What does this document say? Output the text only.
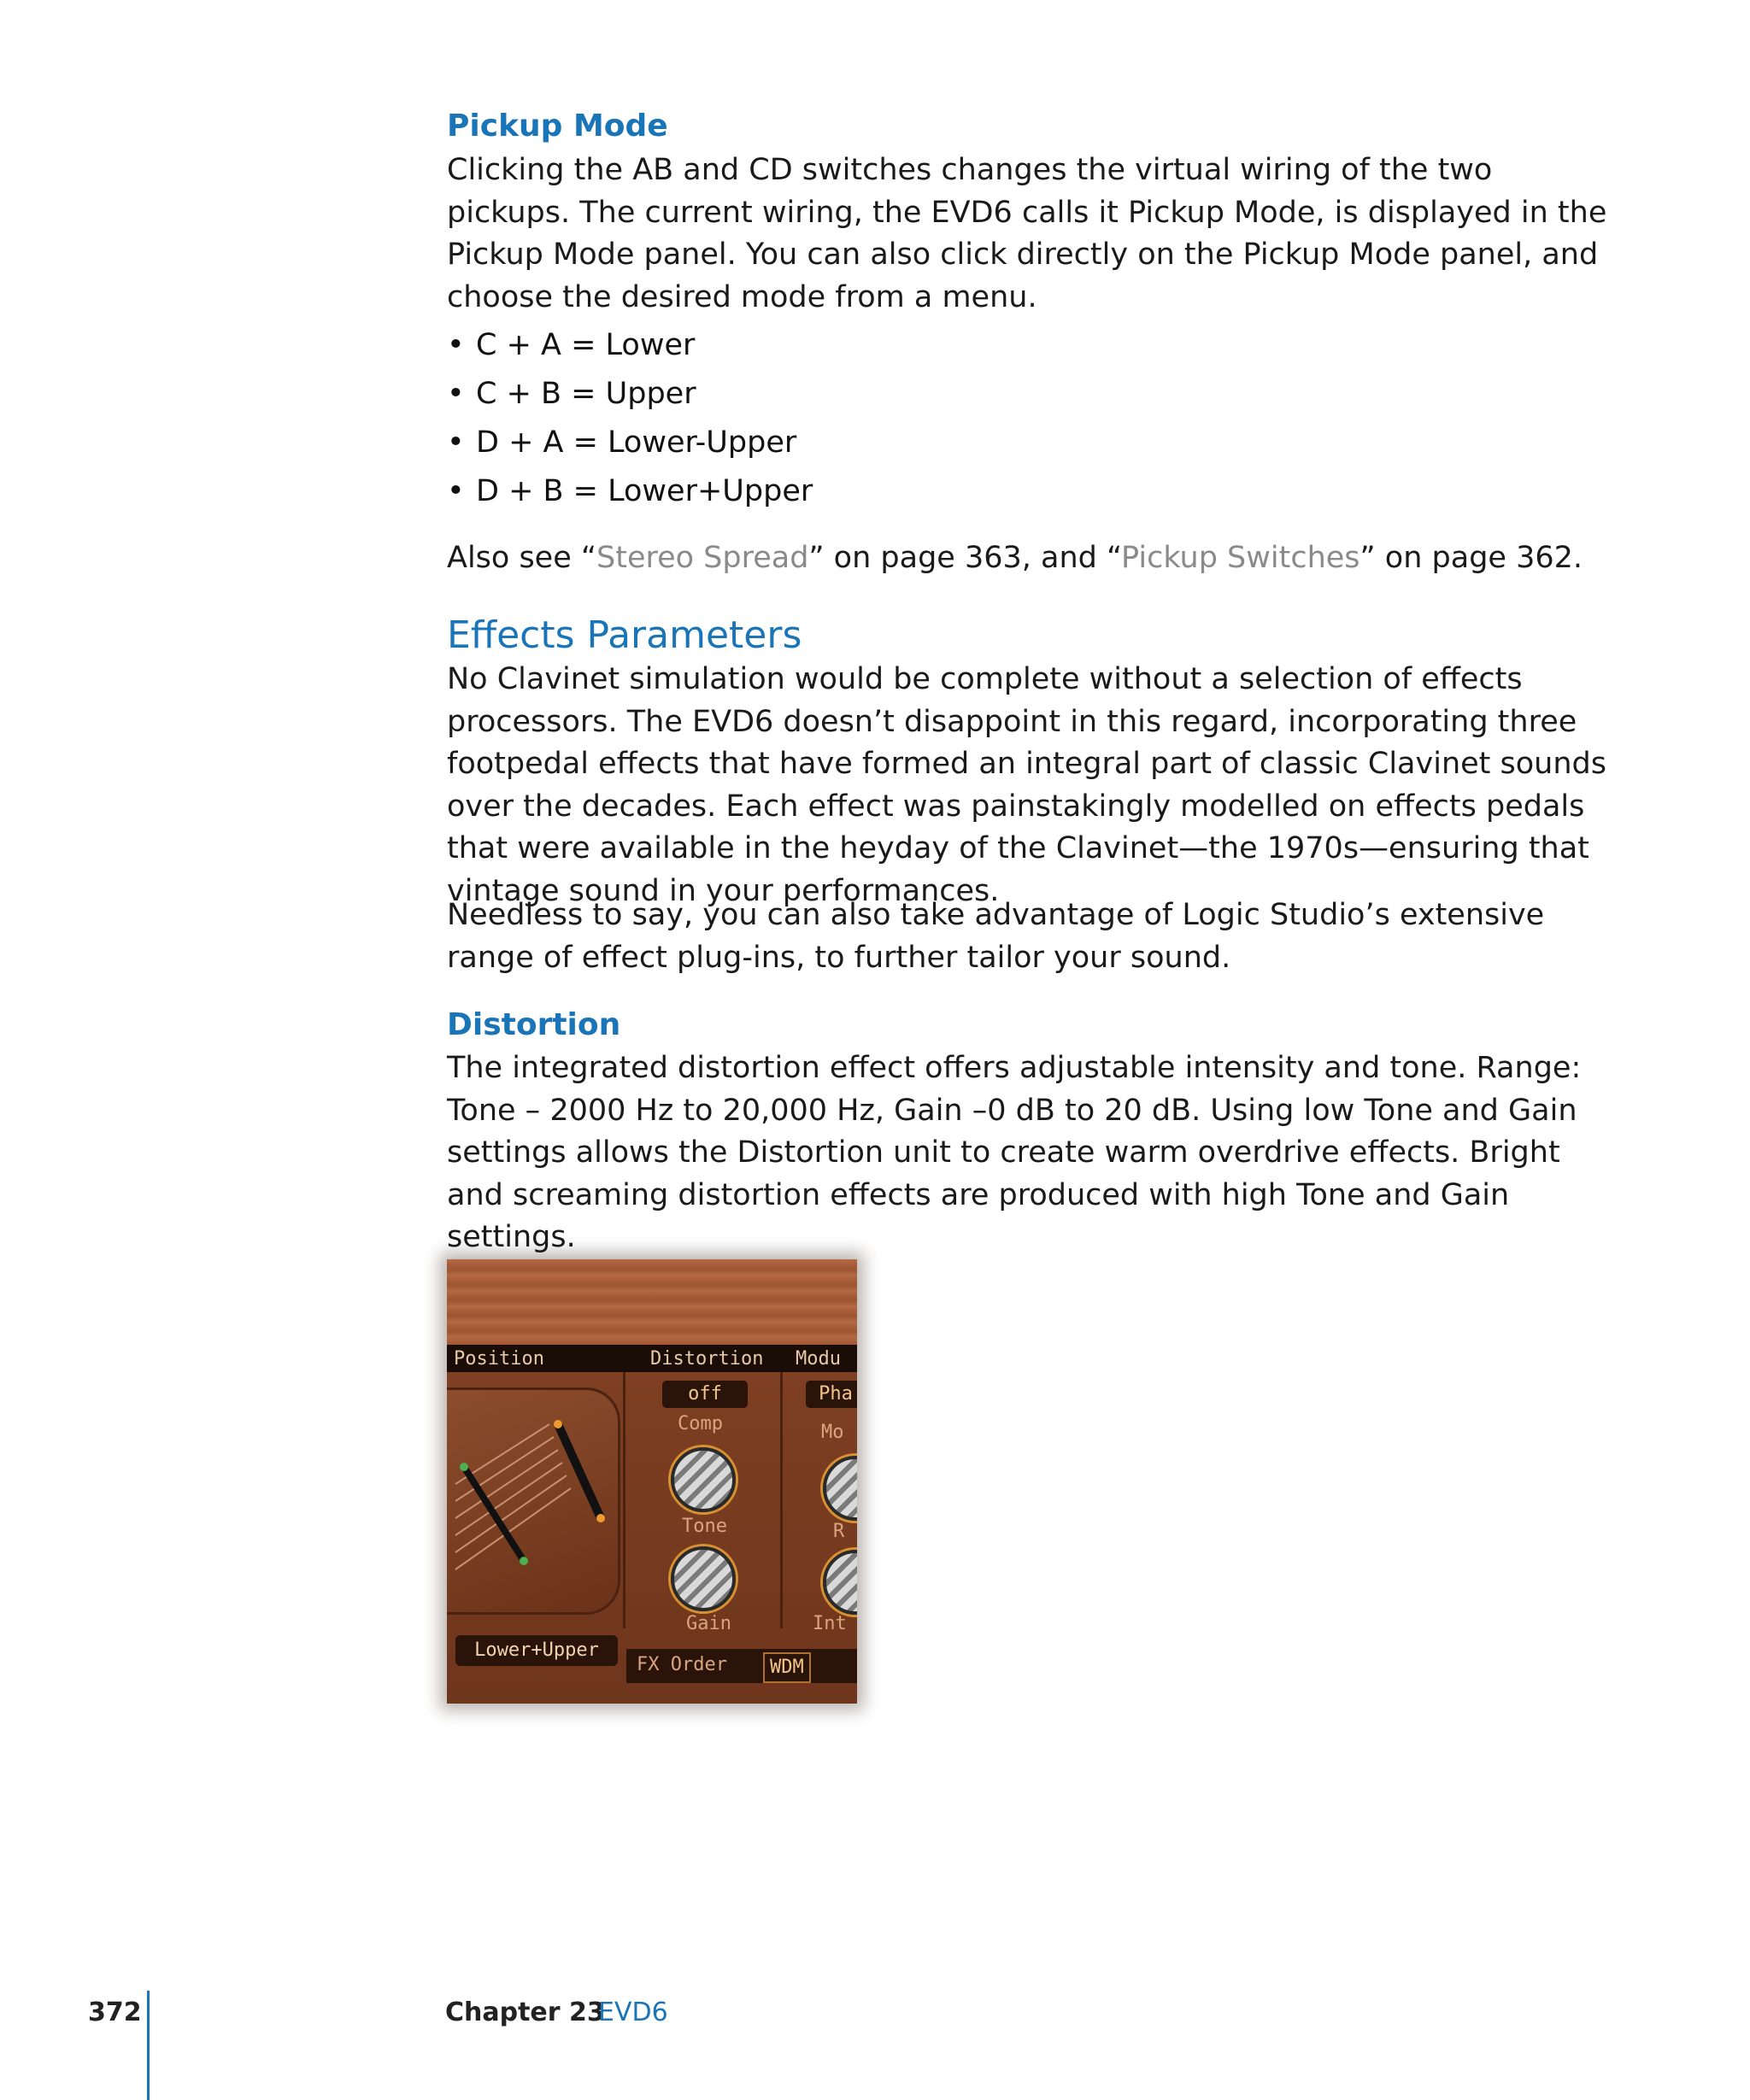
Pickup Mode

Clicking the AB and CD switches changes the virtual wiring of the two pickups. The current wiring, the EVD6 calls it Pickup Mode, is displayed in the Pickup Mode panel. You can also click directly on the Pickup Mode panel, and choose the desired mode from a menu.

• C + A = Lower
• C + B = Upper
• D + A = Lower-Upper
• D + B = Lower+Upper

Also see “Stereo Spread” on page 363, and “Pickup Switches” on page 362.

Effects Parameters

No Clavinet simulation would be complete without a selection of effects processors. The EVD6 doesn’t disappoint in this regard, incorporating three footpedal effects that have formed an integral part of classic Clavinet sounds over the decades. Each effect was painstakingly modelled on effects pedals that were available in the heyday of the Clavinet—the 1970s—ensuring that vintage sound in your performances.

Needless to say, you can also take advantage of Logic Studio’s extensive range of effect plug-ins, to further tailor your sound.

Distortion

The integrated distortion effect offers adjustable intensity and tone. Range: Tone – 2000 Hz to 20,000 Hz, Gain –0 dB to 20 dB. Using low Tone and Gain settings allows the Distortion unit to create warm overdrive effects. Bright and screaming distortion effects are produced with high Tone and Gain settings.

Position	Distortion Modu
Lower+Upper
off	Pha
Comp
Tone
Gain
Mo
R
Int
FX Order	WDM
372	Chapter 23
EVD6
